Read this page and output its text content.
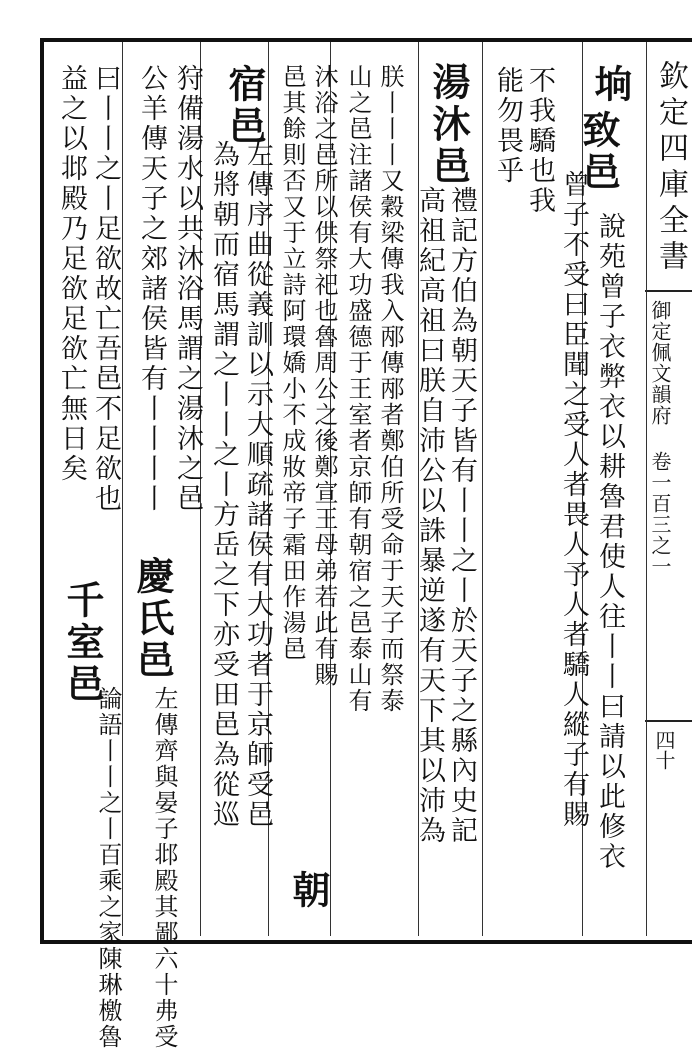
欽定四庫全書
御定佩文韻府 卷一百三之一
四十
垧
致邑
說苑曾子衣弊衣以耕魯君使人往丨丨曰請以此修衣
曾子不受曰臣聞之受人者畏人予人者驕人縱子有賜
不我驕也我
能勿畏乎
湯沐邑
禮記方伯為朝天子皆有丨丨之丨於天子之縣內史記
高祖紀高祖曰朕自沛公以誅暴逆遂有天下其以沛為
朕丨丨丨又穀梁傳我入邴傳邴者鄭伯所受命于天子而祭泰
山之邑注諸侯有大功盛德于王室者京師有朝宿之邑泰山有
沐浴之邑所以供祭祀也魯周公之後鄭宣王母弟若此有賜
邑其餘則否又于立詩阿環嬌小不成妝帝子霜田作湯邑
宿邑
左傳序曲從義訓以示大順疏諸侯有大功者于京師受邑
朝
為將朝而宿馬謂之丨丨之丨方岳之下亦受田邑為從巡
狩備湯水以共沐浴馬謂之湯沐之邑
慶氏邑
公羊傳天子之郊諸侯皆有丨丨丨丨
左傳齊與晏子邶殿其鄙六十弗受
曰丨丨之丨足欲故亡吾邑不足欲也
千室邑
益之以邶殿乃足欲足欲亡無日矣
論語丨丨之丨百乘之家陳琳檄魯
